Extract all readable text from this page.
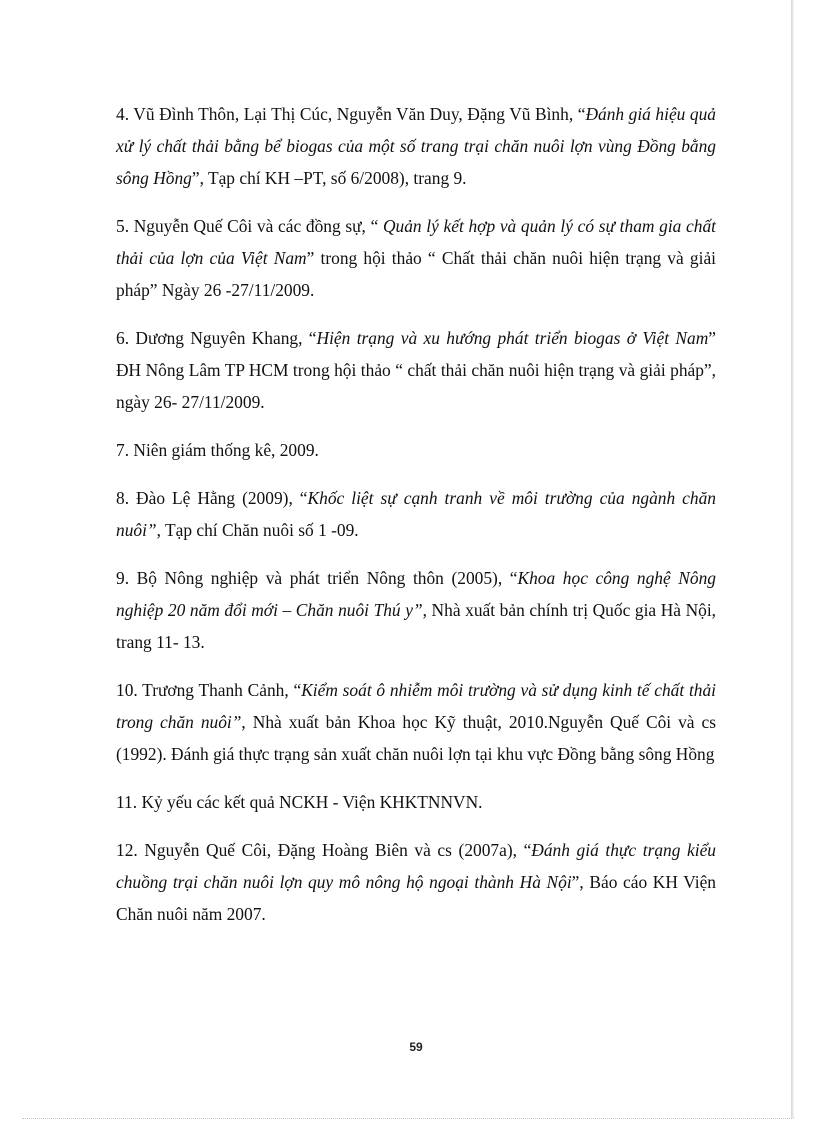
4. Vũ Đình Thôn, Lại Thị Cúc, Nguyễn Văn Duy, Đặng Vũ Bình, “Đánh giá hiệu quả xử lý chất thải bằng bể biogas của một số trang trại chăn nuôi lợn vùng Đồng bằng sông Hồng”, Tạp chí KH –PT, số 6/2008), trang 9.

5. Nguyễn Quế Côi và các đồng sự, “ Quản lý kết hợp và quản lý có sự tham gia chất thải của lợn của Việt Nam” trong hội thảo “ Chất thải chăn nuôi hiện trạng và giải pháp” Ngày 26 -27/11/2009.

6. Dương Nguyên Khang, “Hiện trạng và xu hướng phát triển biogas ở Việt Nam” ĐH Nông Lâm TP HCM trong hội thảo “ chất thải chăn nuôi hiện trạng và giải pháp”, ngày 26- 27/11/2009.

7. Niên giám thống kê, 2009.

8. Đào Lệ Hằng (2009), “Khốc liệt sự cạnh tranh về môi trường của ngành chăn nuôi”, Tạp chí Chăn nuôi số 1 -09.

9. Bộ Nông nghiệp và phát triển Nông thôn (2005), “Khoa học công nghệ Nông nghiệp 20 năm đổi mới – Chăn nuôi Thú y”, Nhà xuất bản chính trị Quốc gia Hà Nội, trang 11- 13.

10. Trương Thanh Cảnh, “Kiểm soát ô nhiễm môi trường và sử dụng kinh tế chất thải trong chăn nuôi”, Nhà xuất bản Khoa học Kỹ thuật, 2010.Nguyễn Quế Côi và cs (1992). Đánh giá thực trạng sản xuất chăn nuôi lợn tại khu vực Đồng bằng sông Hồng

11. Kỷ yếu các kết quả NCKH - Viện KHKTNNVN.

12. Nguyễn Quế Côi, Đặng Hoàng Biên và cs (2007a), “Đánh giá thực trạng kiểu chuồng trại chăn nuôi lợn quy mô nông hộ ngoại thành Hà Nội”, Báo cáo KH Viện Chăn nuôi năm 2007.

59
